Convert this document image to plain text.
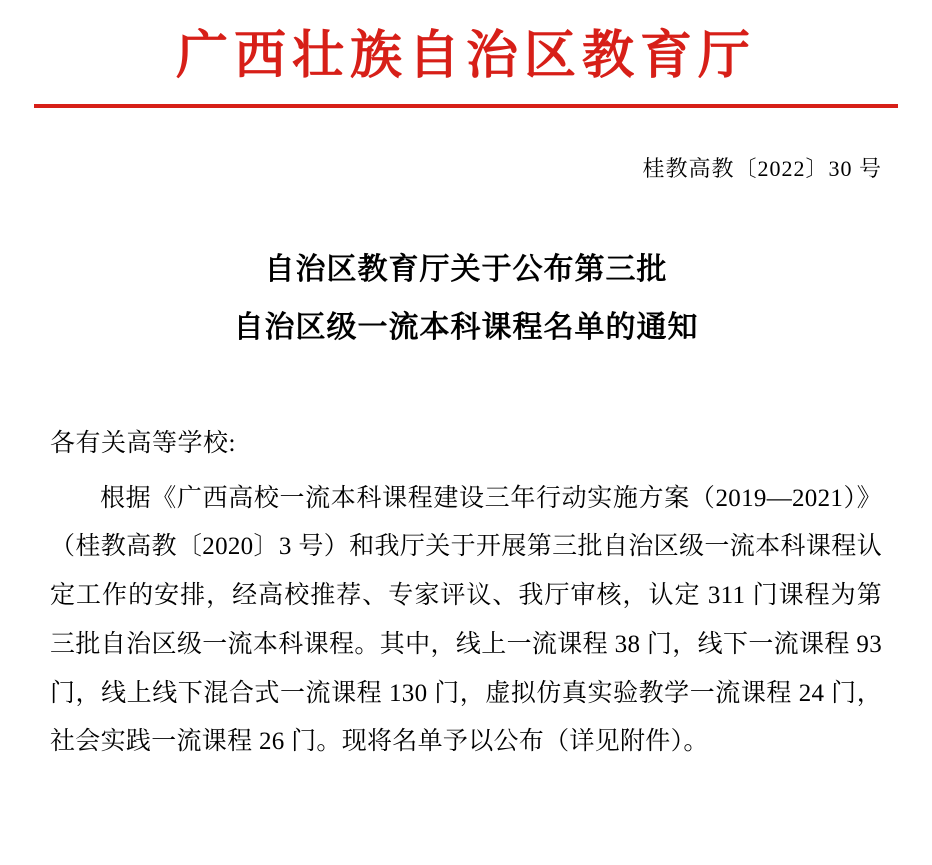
广西壮族自治区教育厅
桂教高教〔2022〕30 号
自治区教育厅关于公布第三批
自治区级一流本科课程名单的通知

各有关高等学校:

根据《广西高校一流本科课程建设三年行动实施方案（2019—2021）》（桂教高教〔2020〕3 号）和我厅关于开展第三批自治区级一流本科课程认定工作的安排，经高校推荐、专家评议、我厅审核，认定 311 门课程为第三批自治区级一流本科课程。其中，线上一流课程 38 门，线下一流课程 93 门，线上线下混合式一流课程 130 门，虚拟仿真实验教学一流课程 24 门，社会实践一流课程 26 门。现将名单予以公布（详见附件）。
